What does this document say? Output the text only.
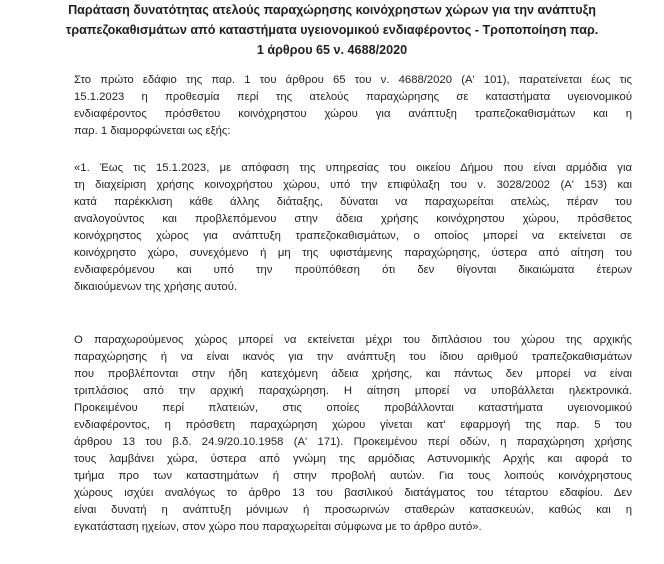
Παράταση δυνατότητας ατελούς παραχώρησης κοινόχρηστων χώρων για την ανάπτυξη
τραπεζοκαθισμάτων από καταστήματα υγειονομικού ενδιαφέροντος - Τροποποίηση παρ.
1 άρθρου 65 ν. 4688/2020
Στο πρώτο εδάφιο της παρ. 1 του άρθρου 65 του ν. 4688/2020 (Α' 101), παρατείνεται έως τις
15.1.2023 η προθεσμία περί της ατελούς παραχώρησης σε καταστήματα υγειονομικού
ενδιαφέροντος πρόσθετου κοινόχρηστου χώρου για ανάπτυξη τραπεζοκαθισμάτων και η
παρ. 1 διαμορφώνεται ως εξής:
«1. Έως τις 15.1.2023, με απόφαση της υπηρεσίας του οικείου Δήμου που είναι αρμόδια για
τη διαχείριση χρήσης κοινοχρήστου χώρου, υπό την επιφύλαξη του ν. 3028/2002 (Α' 153) και
κατά παρέκκλιση κάθε άλλης διάταξης, δύναται να παραχωρείται ατελώς, πέραν του
αναλογούντος και προβλεπόμενου στην άδεια χρήσης κοινόχρηστου χώρου, πρόσθετος
κοινόχρηστος χώρος για ανάπτυξη τραπεζοκαθισμάτων, ο οποίος μπορεί να εκτείνεται σε
κοινόχρηστο χώρο, συνεχόμενο ή μη της υφιστάμενης παραχώρησης, ύστερα από αίτηση του
ενδιαφερόμενου και υπό την προϋπόθεση ότι δεν θίγονται δικαιώματα έτερων
δικαιούμενων της χρήσης αυτού.
Ο παραχωρούμενος χώρος μπορεί να εκτείνεται μέχρι του διπλάσιου του χώρου της αρχικής
παραχώρησης ή να είναι ικανός για την ανάπτυξη του ίδιου αριθμού τραπεζοκαθισμάτων
που προβλέπονται στην ήδη κατεχόμενη άδεια χρήσης, και πάντως δεν μπορεί να είναι
τριπλάσιος από την αρχική παραχώρηση. Η αίτηση μπορεί να υποβάλλεται ηλεκτρονικά.
Προκειμένου περί πλατειών, στις οποίες προβάλλονται καταστήματα υγειονομικού
ενδιαφέροντος, η πρόσθετη παραχώρηση χώρου γίνεται κατ' εφαρμογή της παρ. 5 του
άρθρου 13 του β.δ. 24.9/20.10.1958 (Α' 171). Προκειμένου περί οδών, η παραχώρηση χρήσης
τους λαμβάνει χώρα, ύστερα από γνώμη της αρμόδιας Αστυνομικής Αρχής και αφορά το
τμήμα προ των καταστημάτων ή στην προβολή αυτών. Για τους λοιπούς κοινόχρηστους
χώρους ισχύει αναλόγως το άρθρο 13 του βασιλικού διατάγματος του τέταρτου εδαφίου. Δεν
είναι δυνατή η ανάπτυξη μόνιμων ή προσωρινών σταθερών κατασκευών, καθώς και η
εγκατάσταση ηχείων, στον χώρο που παραχωρείται σύμφωνα με το άρθρο αυτό».
